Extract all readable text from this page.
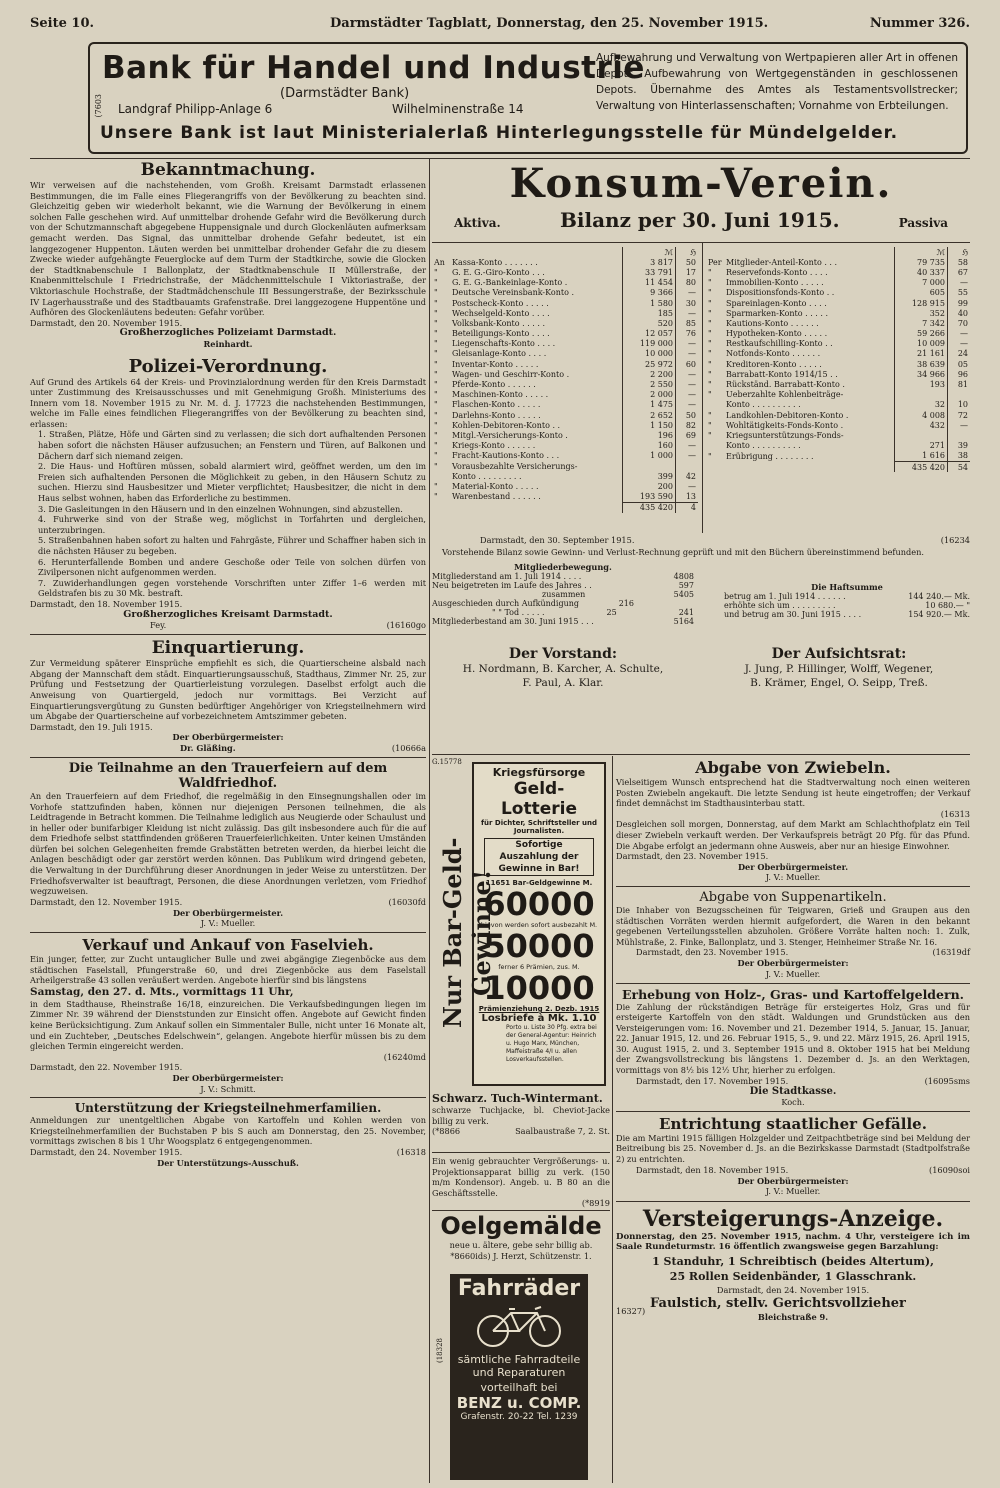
Seite 10.	Darmstädter Tagblatt, Donnerstag, den 25. November 1915.	Nummer 326.
(7603
Bank für Handel und Industrie
(Darmstädter Bank)
Landgraf Philipp-Anlage 6	Wilhelminenstraße 14
Aufbewahrung und Verwaltung von Wertpapieren aller Art in offenen Depots. Aufbewahrung von Wertgegenständen in geschlossenen Depots. Übernahme des Amtes als Testamentsvollstrecker; Verwaltung von Hinterlassenschaften; Vornahme von Erbteilungen.
Unsere Bank ist laut Ministerialerlaß Hinterlegungsstelle für Mündelgelder.
Bekanntmachung.

Wir verweisen auf die nachstehenden, vom Großh. Kreisamt Darmstadt erlassenen Bestimmungen, die im Falle eines Fliegerangriffs von der Bevölkerung zu beachten sind. Gleichzeitig geben wir wiederholt bekannt, wie die Warnung der Bevölkerung in einem solchen Falle geschehen wird. Auf unmittelbar drohende Gefahr wird die Bevölkerung durch von der Schutzmannschaft abgegebene Huppensignale und durch Glockenläuten aufmerksam gemacht werden. Das Signal, das unmittelbar drohende Gefahr bedeutet, ist ein langgezogener Huppenton. Läuten werden bei unmittelbar drohender Gefahr die zu diesem Zwecke wieder aufgehängte Feuerglocke auf dem Turm der Stadtkirche, sowie die Glocken der Stadtknabenschule I Ballonplatz, der Stadtknabenschule II Müllerstraße, der Knabenmittelschule I Friedrichstraße, der Mädchenmittelschule I Viktoriastraße, der Viktoriaschule Hochstraße, der Stadtmädchenschule III Bessungerstraße, der Bezirksschule IV Lagerhausstraße und des Stadtbauamts Grafenstraße. Drei langgezogene Huppentöne und Aufhören des Glockenläutens bedeuten: Gefahr vorüber.

Darmstadt, den 20. November 1915.

Großherzogliches Polizeiamt Darmstadt.

Reinhardt.

Polizei-Verordnung.

Auf Grund des Artikels 64 der Kreis- und Provinzialordnung werden für den Kreis Darmstadt unter Zustimmung des Kreisausschusses und mit Genehmigung Großh. Ministeriums des Innern vom 18. November 1915 zu Nr. M. d. J. 17723 die nachstehenden Bestimmungen, welche im Falle eines feindlichen Fliegerangriffes von der Bevölkerung zu beachten sind, erlassen:

1. Straßen, Plätze, Höfe und Gärten sind zu verlassen; die sich dort aufhaltenden Personen haben sofort die nächsten Häuser aufzusuchen; an Fenstern und Türen, auf Balkonen und Dächern darf sich niemand zeigen.

2. Die Haus- und Hoftüren müssen, sobald alarmiert wird, geöffnet werden, um den im Freien sich aufhaltenden Personen die Möglichkeit zu geben, in den Häusern Schutz zu suchen. Hierzu sind Hausbesitzer und Mieter verpflichtet; Hausbesitzer, die nicht in dem Haus selbst wohnen, haben das Erforderliche zu bestimmen.

3. Die Gasleitungen in den Häusern und in den einzelnen Wohnungen, sind abzustellen.

4. Fuhrwerke sind von der Straße weg, möglichst in Torfahrten und dergleichen, unterzubringen.

5. Straßenbahnen haben sofort zu halten und Fahrgäste, Führer und Schaffner haben sich in die nächsten Häuser zu begeben.

6. Herunterfallende Bomben und andere Geschoße oder Teile von solchen dürfen von Zivilpersonen nicht aufgenommen werden.

7. Zuwiderhandlungen gegen vorstehende Vorschriften unter Ziffer 1–6 werden mit Geldstrafen bis zu 30 Mk. bestraft.

Darmstadt, den 18. November 1915.

Großherzogliches Kreisamt Darmstadt.

Fey.	(16160go

Einquartierung.

Zur Vermeidung späterer Einsprüche empfiehlt es sich, die Quartierscheine alsbald nach Abgang der Mannschaft dem städt. Einquartierungsausschuß, Stadthaus, Zimmer Nr. 25, zur Prüfung und Festsetzung der Quartierleistung vorzulegen. Daselbst erfolgt auch die Anweisung von Quartiergeld, jedoch nur vormittags. Bei Verzicht auf Einquartierungsvergütung zu Gunsten bedürftiger Angehöriger von Kriegsteilnehmern wird um Abgabe der Quartierscheine auf vorbezeichnetem Amtszimmer gebeten.

Darmstadt, den 19. Juli 1915.

Der Oberbürgermeister:

Dr. Gläßing.	(10666a

Die Teilnahme an den Trauerfeiern auf dem Waldfriedhof.

An den Trauerfeiern auf dem Friedhof, die regelmäßig in den Einsegnungshallen oder im Vorhofe stattzufinden haben, können nur diejenigen Personen teilnehmen, die als Leidtragende in Betracht kommen. Die Teilnahme lediglich aus Neugierde oder Schaulust und in heller oder bunifarbiger Kleidung ist nicht zulässig. Das gilt insbesondere auch für die auf dem Friedhofe selbst stattfindenden größeren Trauerfeierlichkeiten. Unter keinen Umständen dürfen bei solchen Gelegenheiten fremde Grabstätten betreten werden, da hierbei leicht die Anlagen beschädigt oder gar zerstört werden können. Das Publikum wird dringend gebeten, die Verwaltung in der Durchführung dieser Anordnungen in jeder Weise zu unterstützen. Der Friedhofsverwalter ist beauftragt, Personen, die diese Anordnungen verletzen, vom Friedhof wegzuweisen.

Darmstadt, den 12. November 1915.	(16030fd

Der Oberbürgermeister.

J. V.: Mueller.

Verkauf und Ankauf von Faselvieh.

Ein junger, fetter, zur Zucht untauglicher Bulle und zwei abgängige Ziegenböcke aus dem städtischen Faselstall, Pfungerstraße 60, und drei Ziegenböcke aus dem Faselstall Arheilgerstraße 43 sollen veräußert werden. Angebote hierfür sind bis längstens

Samstag, den 27. d. Mts., vormittags 11 Uhr,

in dem Stadthause, Rheinstraße 16/18, einzureichen. Die Verkaufsbedingungen liegen im Zimmer Nr. 39 während der Dienststunden zur Einsicht offen. Angebote auf Gewicht finden keine Berücksichtigung. Zum Ankauf sollen ein Simmentaler Bulle, nicht unter 16 Monate alt, und ein Zuchteber, „Deutsches Edelschwein“, gelangen. Angebote hierfür müssen bis zu dem gleichen Termin eingereicht werden.

(16240md

Darmstadt, den 22. November 1915.

Der Oberbürgermeister:

J. V.: Schmitt.

Unterstützung der Kriegsteilnehmerfamilien.

Anmeldungen zur unentgeltlichen Abgabe von Kartoffeln und Kohlen werden von Kriegsteilnehmerfamilien der Buchstaben P bis S auch am Donnerstag, den 25. November, vormittags zwischen 8 bis 1 Uhr Woogsplatz 6 entgegengenommen.

Darmstadt, den 24. November 1915.	(16318

Der Unterstützungs-Ausschuß.

Konsum-Verein.
Aktiva.	Bilanz per 30. Juni 1915.	Passiva
		ℳ	ℌ
An	Kassa-Konto . . . . . . .	3 817	50
"	G. E. G.-Giro-Konto . . .	33 791	17
"	G. E. G.-Bankeinlage-Konto .	11 454	80
"	Deutsche Vereinsbank-Konto .	9 366	—
"	Postscheck-Konto . . . . .	1 580	30
"	Wechselgeld-Konto . . . .	185	—
"	Volksbank-Konto . . . . .	520	85
"	Beteiligungs-Konto . . . .	12 057	76
"	Liegenschafts-Konto . . . .	119 000	—
"	Gleisanlage-Konto . . . .	10 000	—
"	Inventar-Konto . . . . .	25 972	60
"	Wagen- und Geschirr-Konto .	2 200	—
"	Pferde-Konto . . . . . .	2 550	—
"	Maschinen-Konto . . . . .	2 000	—
"	Flaschen-Konto . . . . .	1 475	—
"	Darlehns-Konto . . . . .	2 652	50
"	Kohlen-Debitoren-Konto . .	1 150	82
"	Mitgl.-Versicherungs-Konto .	196	69
"	Kriegs-Konto . . . . . .	160	—
"	Fracht-Kautions-Konto . . .	1 000	—
"	Vorausbezahlte Versicherungs-		
	Konto . . . . . . . . .	399	42
"	Material-Konto . . . . .	200	—
"	Warenbestand . . . . . .	193 590	13
		435 420	4
		ℳ	ℌ
Per	Mitglieder-Anteil-Konto . . .	79 735	58
"	Reservefonds-Konto . . . .	40 337	67
"	Immobilien-Konto . . . . .	7 000	—
"	Dispositionsfonds-Konto . .	605	55
"	Spareinlagen-Konto . . . .	128 915	99
"	Sparmarken-Konto . . . . .	352	40
"	Kautions-Konto . . . . . .	7 342	70
"	Hypotheken-Konto . . . . .	59 266	—
"	Restkaufschilling-Konto . .	10 009	—
"	Notfonds-Konto . . . . . .	21 161	24
"	Kreditoren-Konto . . . . .	38 639	05
"	Barrabatt-Konto 1914/15 . .	34 966	96
"	Rückständ. Barrabatt-Konto .	193	81
"	Ueberzahlte Kohlenbeiträge-		
	Konto . . . . . . . . . .	32	10
"	Landkohlen-Debitoren-Konto .	4 008	72
"	Wohltätigkeits-Fonds-Konto .	432	—
"	Kriegsunterstützungs-Fonds-		
	Konto . . . . . . . . . .	271	39
"	Erübrigung . . . . . . . .	1 616	38
		435 420	54

Darmstadt, den 30. September 1915.	(16234

Vorstehende Bilanz sowie Gewinn- und Verlust-Rechnung geprüft und mit den Büchern übereinstimmend befunden.

Mitgliederbewegung.

Mitgliederstand am 1. Juli 1914 . . . .	4808
Neu beigetreten im Laufe des Jahres . .	597
zusammen	5405
Ausgeschieden durch Aufkündigung	216
" " Tod . . . . .	25	241
Mitgliederbestand am 30. Juni 1915 . . .	5164

Die Haftsumme

betrug am 1. Juli 1914 . . . . . .	144 240.— Mk.
erhöhte sich um . . . . . . . . .	10 680.— "
und betrug am 30. Juni 1915 . . . .	154 920.— Mk.
Der Vorstand:
H. Nordmann, B. Karcher, A. Schulte,
F. Paul, A. Klar.
Der Aufsichtsrat:
J. Jung, P. Hillinger, Wolff, Wegener,
B. Krämer, Engel, O. Seipp, Treß.
G.15778
Kriegsfürsorge
Geld-Lotterie
für Dichter, Schriftsteller und Journalisten.
Sofortige Auszahlung der Gewinne in Bar!
11651 Bar-Geldgewinne M.
60000
hievon werden sofort ausbezahlt M.
50000
ferner 6 Prämien, zus. M.
10000
Prämienziehung 2. Dezb. 1915
Losbriefe à Mk. 1.10
Porto u. Liste 30 Pfg. extra bei der General-Agentur: Heinrich u. Hugo Marx, München, Maffeistraße 4/I u. allen Losverkaufsstellen.
Nur Bar-Geld-Gewinne!
Schwarz. Tuch-Wintermant.

schwarze Tuchjacke, bl. Cheviot-Jacke billig zu verk.

(*8866	Saalbaustraße 7, 2. St.

Ein wenig gebrauchter Vergrößerungs- u. Projektionsapparat billig zu verk. (150 m/m Kondensor). Angeb. u. B 80 an die Geschäftsstelle.

(*8919

Oelgemälde

neue u. ältere, gebe sehr billig ab.

*8660ids) J. Herzt, Schützenstr. 1.

(18328
Fahrräder
sämtliche Fahrradteile und Reparaturen
vorteilhaft bei
BENZ u. COMP.
Grafenstr. 20-22 Tel. 1239
Abgabe von Zwiebeln.

Vielseitigem Wunsch entsprechend hat die Stadtverwaltung noch einen weiteren Posten Zwiebeln angekauft. Die letzte Sendung ist heute eingetroffen; der Verkauf findet demnächst im Stadthausinterbau statt.

(16313

Desgleichen soll morgen, Donnerstag, auf dem Markt am Schlachthofplatz ein Teil dieser Zwiebeln verkauft werden. Der Verkaufspreis beträgt 20 Pfg. für das Pfund. Die Abgabe erfolgt an jedermann ohne Ausweis, aber nur an hiesige Einwohner.

Darmstadt, den 23. November 1915.

Der Oberbürgermeister.

J. V.: Mueller.

Abgabe von Suppenartikeln.

Die Inhaber von Bezugsscheinen für Teigwaren, Grieß und Graupen aus den städtischen Vorräten werden hiermit aufgefordert, die Waren in den bekannt gegebenen Verteilungsstellen abzuholen. Größere Vorräte halten noch: 1. Zulk, Mühlstraße, 2. Finke, Ballonplatz, und 3. Stenger, Heinheimer Straße Nr. 16.

Darmstadt, den 23. November 1915.	(16319df

Der Oberbürgermeister:

J. V.: Mueller.

Erhebung von Holz-, Gras- und Kartoffelgeldern.

Die Zahlung der rückständigen Beträge für ersteigertes Holz, Gras und für ersteigerte Kartoffeln von den städt. Waldungen und Grundstücken aus den Versteigerungen vom: 16. November und 21. Dezember 1914, 5. Januar, 15. Januar, 22. Januar 1915, 12. und 26. Februar 1915, 5., 9. und 22. März 1915, 26. April 1915, 30. August 1915, 2. und 3. September 1915 und 8. Oktober 1915 hat bei Meldung der Zwangsvollstreckung bis längstens 1. Dezember d. Js. an den Werktagen, vormittags von 8½ bis 12½ Uhr, hierher zu erfolgen.

Darmstadt, den 17. November 1915.	(16095sms

Die Stadtkasse.

Koch.

Entrichtung staatlicher Gefälle.

Die am Martini 1915 fälligen Holzgelder und Zeitpachtbeträge sind bei Meldung der Beitreibung bis 25. November d. Js. an die Bezirkskasse Darmstadt (Stadtpolfstraße 2) zu entrichten.

Darmstadt, den 18. November 1915.	(16090soi

Der Oberbürgermeister:

J. V.: Mueller.

Versteigerungs-Anzeige.

Donnerstag, den 25. November 1915, nachm. 4 Uhr, versteigere ich im Saale Rundeturmstr. 16 öffentlich zwangsweise gegen Barzahlung:

1 Standuhr, 1 Schreibtisch (beides Altertum),

25 Rollen Seidenbänder, 1 Glasschrank.

Darmstadt, den 24. November 1915.

16327) Faulstich, stellv. Gerichtsvollzieher

Bleichstraße 9.
